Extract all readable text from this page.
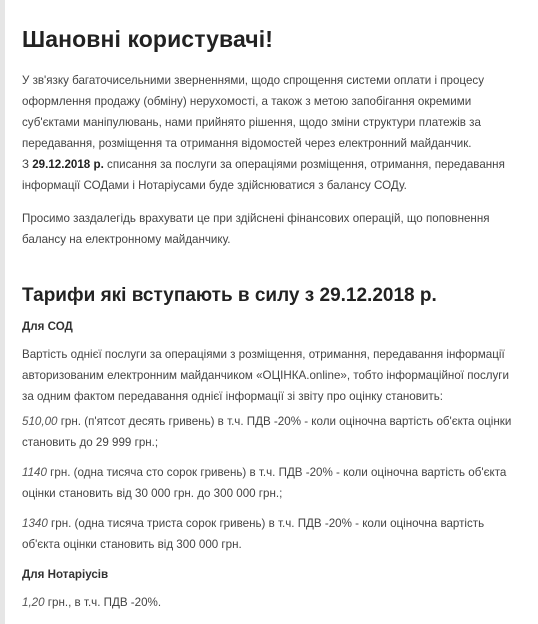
Шановні користувачі!

У зв'язку багаточисельними зверненнями, щодо спрощення системи оплати і процесу оформлення продажу (обміну) нерухомості, а також з метою запобігання окремими суб'єктами маніпулювань, нами прийнято рішення, щодо зміни структури платежів за передавання, розміщення та отримання відомостей через електронний майданчик.

З 29.12.2018 р. списання за послуги за операціями розміщення, отримання, передавання інформації СОДами і Нотаріусами буде здійснюватися з балансу СОДу.

Просимо заздалегідь врахувати це при здійснені фінансових операцій, що поповнення балансу на електронному майданчику.

Тарифи які вступають в силу з 29.12.2018 р.
Для СОД

Вартість однієї послуги за операціями з розміщення, отримання, передавання інформації авторизованим електронним майданчиком «ОЦІНКА.online», тобто інформаційної послуги за одним фактом передавання однієї інформації зі звіту про оцінку становить:

510,00 грн. (п'ятсот десять гривень) в т.ч. ПДВ -20% - коли оціночна вартість об'єкта оцінки становить до 29 999 грн.;

1140 грн. (одна тисяча сто сорок гривень) в т.ч. ПДВ -20% - коли оціночна вартість об'єкта оцінки становить від 30 000 грн. до 300 000 грн.;

1340 грн. (одна тисяча триста сорок гривень) в т.ч. ПДВ -20% - коли оціночна вартість об'єкта оцінки становить від 300 000 грн.

Для Нотаріусів

1,20 грн., в т.ч. ПДВ -20%.
